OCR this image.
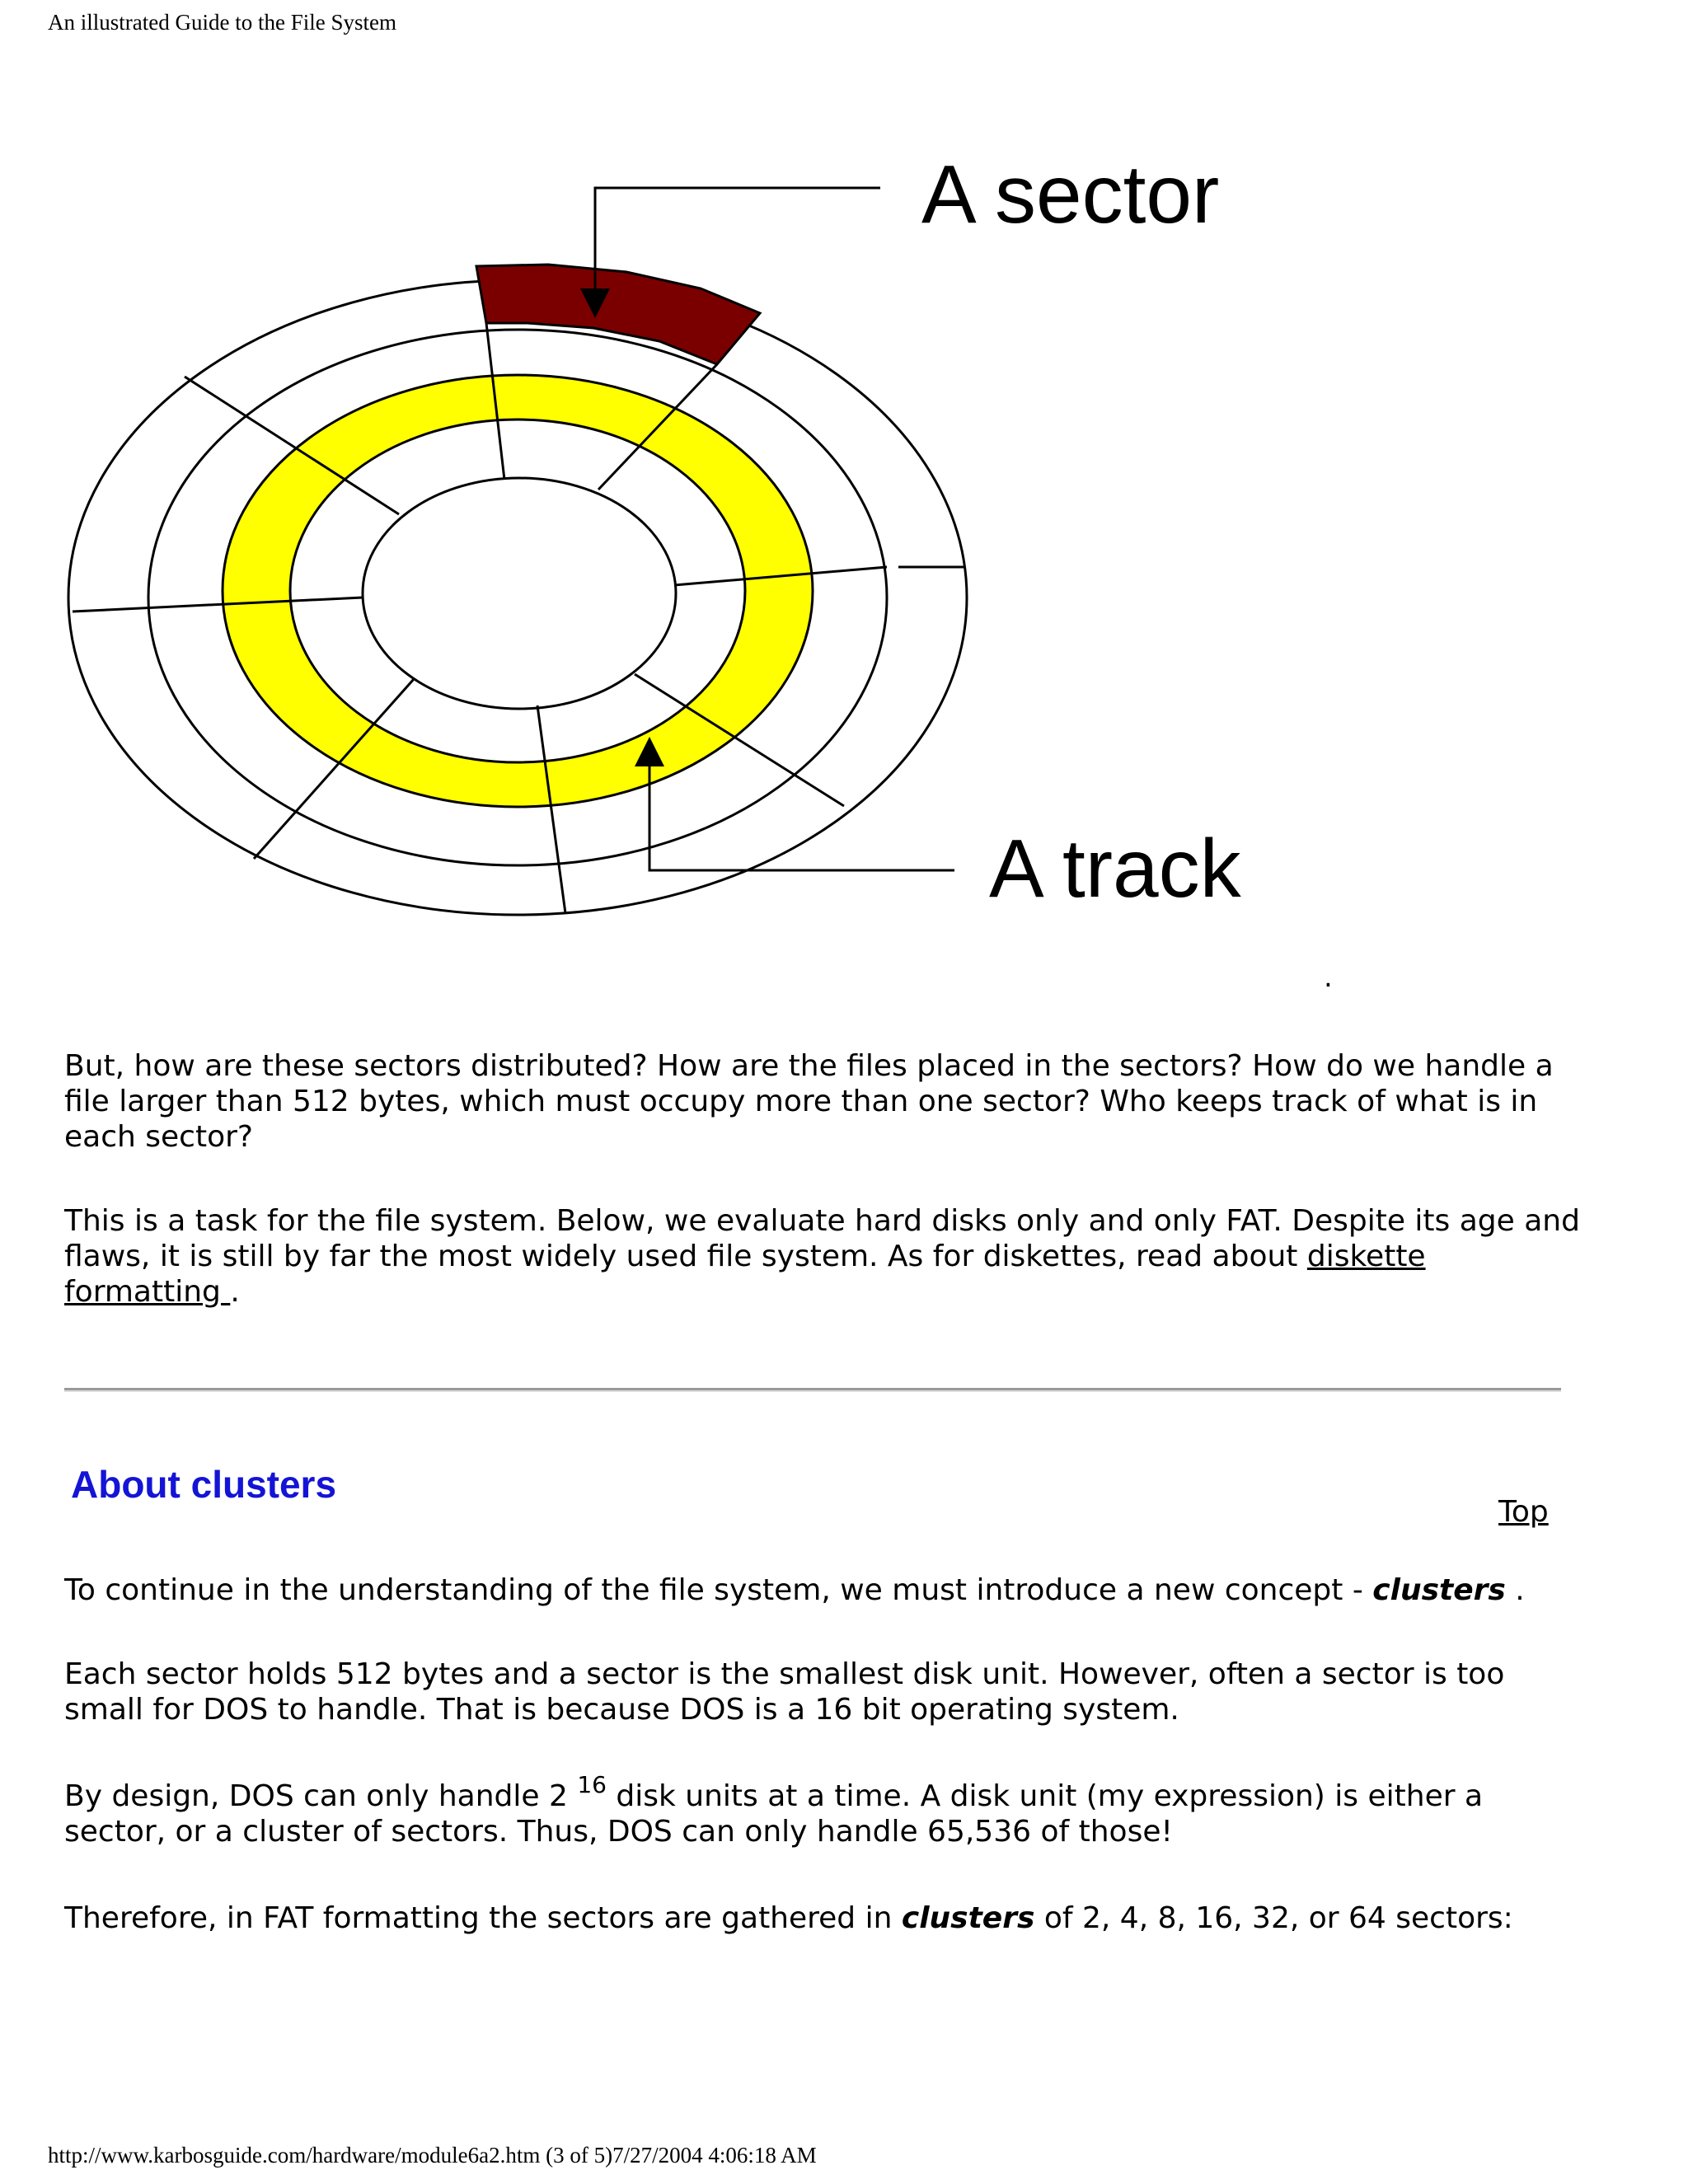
An illustrated Guide to the File System
A sector
A track
.
But, how are these sectors distributed? How are the files placed in the sectors? How do we handle a file larger than 512 bytes, which must occupy more than one sector? Who keeps track of what is in each sector?
This is a task for the file system. Below, we evaluate hard disks only and only FAT. Despite its age and flaws, it is still by far the most widely used file system. As for diskettes, read about diskette formatting .
About clusters
Top
To continue in the understanding of the file system, we must introduce a new concept - clusters .
Each sector holds 512 bytes and a sector is the smallest disk unit. However, often a sector is too small for DOS to handle. That is because DOS is a 16 bit operating system.
By design, DOS can only handle 2 $^{16}$ disk units at a time. A disk unit (my expression) is either a sector, or a cluster of sectors. Thus, DOS can only handle 65,536 of those!
Therefore, in FAT formatting the sectors are gathered in clusters of 2, 4, 8, 16, 32, or 64 sectors:
http://www.karbosguide.com/hardware/module6a2.htm (3 of 5)7/27/2004 4:06:18 AM
